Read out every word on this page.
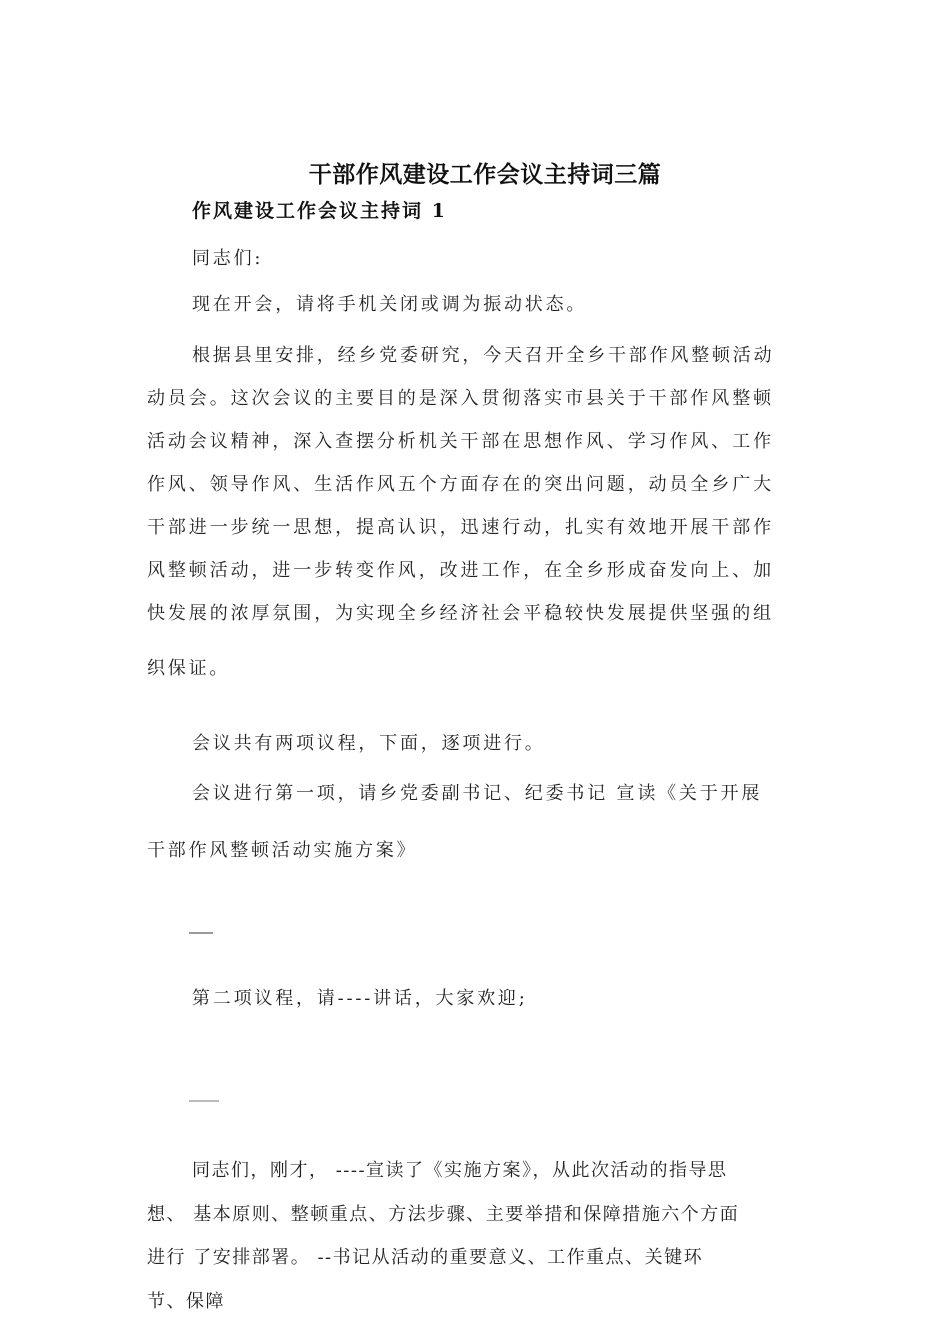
干部作风建设工作会议主持词三篇
作风建设工作会议主持词 1
同志们:
现在开会，请将手机关闭或调为振动状态。
根据县里安排，经乡党委研究，今天召开全乡干部作风整顿活动
动员会。这次会议的主要目的是深入贯彻落实市县关于干部作风整顿
活动会议精神，深入查摆分析机关干部在思想作风、学习作风、工作
作风、领导作风、生活作风五个方面存在的突出问题，动员全乡广大
干部进一步统一思想，提高认识，迅速行动，扎实有效地开展干部作
风整顿活动，进一步转变作风，改进工作，在全乡形成奋发向上、加
快发展的浓厚氛围，为实现全乡经济社会平稳较快发展提供坚强的组
织保证。
会议共有两项议程，下面，逐项进行。
会议进行第一项，请乡党委副书记、纪委书记 宣读《关于开展
干部作风整顿活动实施方案》
第二项议程，请----讲话，大家欢迎;
同志们，刚才， ----宣读了《实施方案》，从此次活动的指导思
想、 基本原则、整顿重点、方法步骤、主要举措和保障措施六个方面
进行 了安排部署。 --书记从活动的重要意义、工作重点、关键环
节、保障
